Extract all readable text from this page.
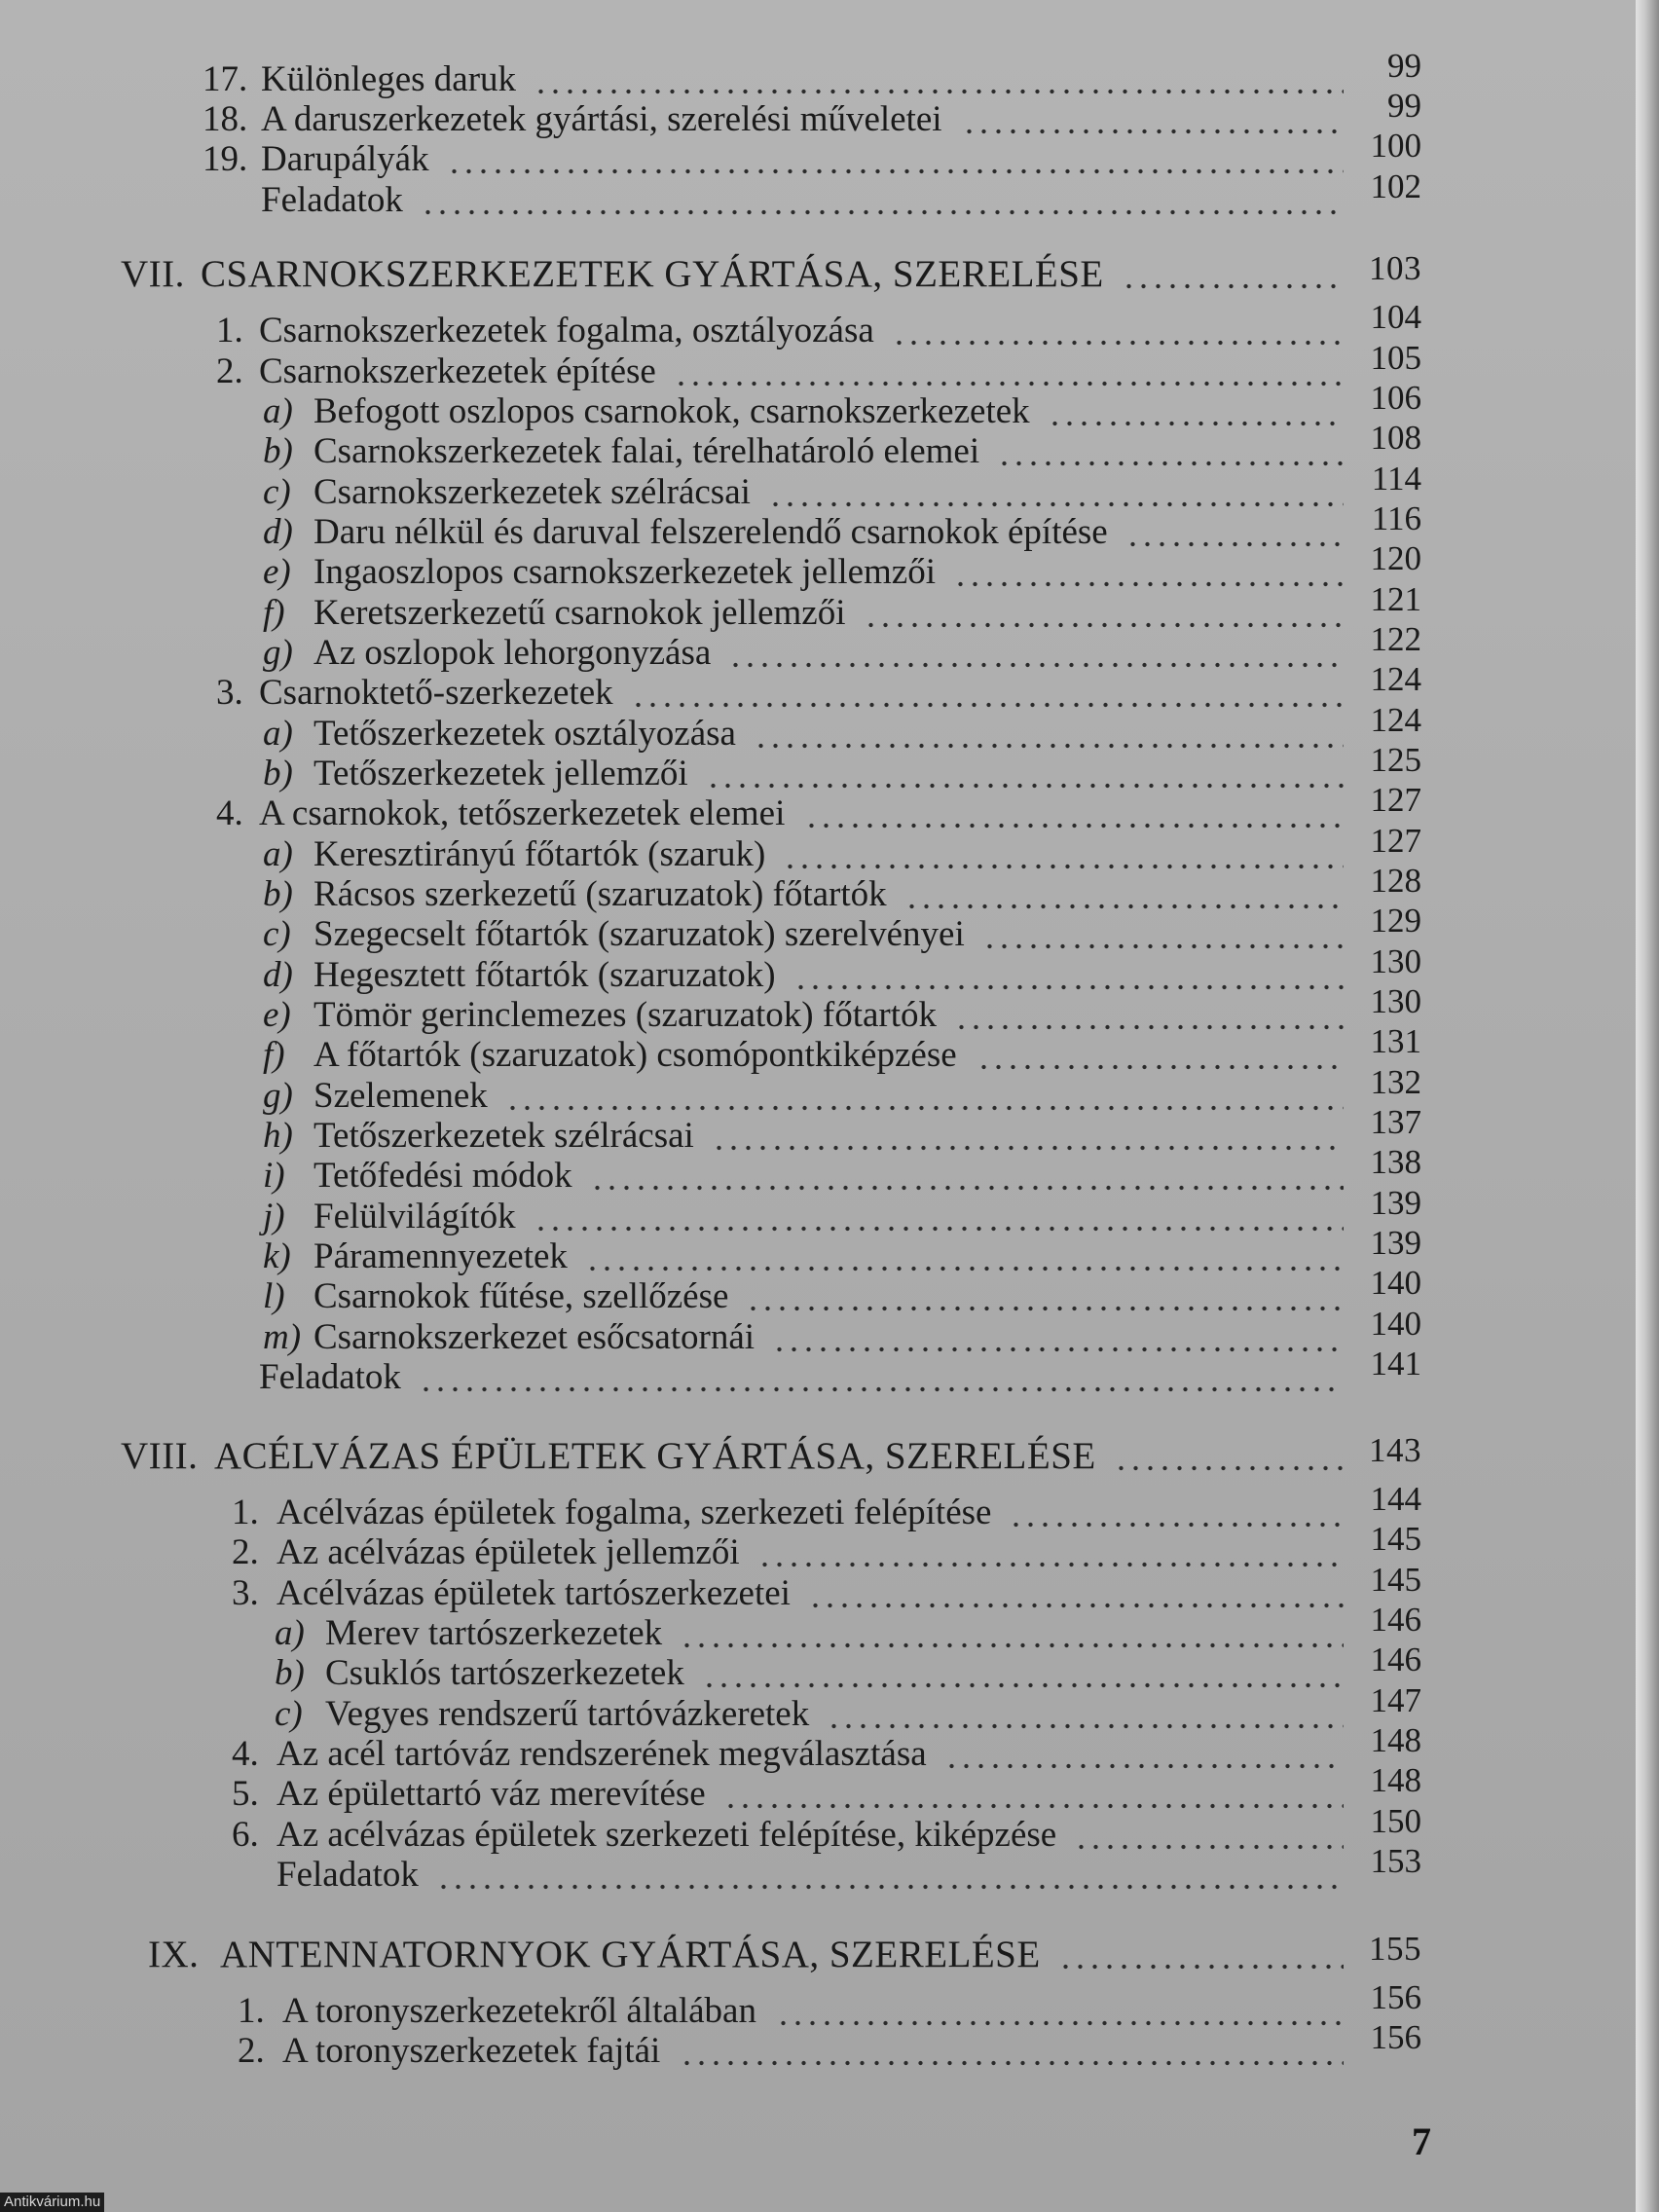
17. Különleges daruk	99
18. A daruszerkezetek gyártási, szerelési műveletei	99
19. Darupályák	100
Feladatok	102
VII. CSARNOKSZERKEZETEK GYÁRTÁSA, SZERELÉSE	103
1. Csarnokszerkezetek fogalma, osztályozása	104
2. Csarnokszerkezetek építése	105
a) Befogott oszlopos csarnokok, csarnokszerkezetek	106
b) Csarnokszerkezetek falai, térelhatároló elemei	108
c) Csarnokszerkezetek szélrácsai	114
d) Daru nélkül és daruval felszerelendő csarnokok építése	116
e) Ingaoszlopos csarnokszerkezetek jellemzői	120
f) Keretszerkezetű csarnokok jellemzői	121
g) Az oszlopok lehorgonyzása	122
3. Csarnoktető-szerkezetek	124
a) Tetőszerkezetek osztályozása	124
b) Tetőszerkezetek jellemzői	125
4. A csarnokok, tetőszerkezetek elemei	127
a) Keresztirányú főtartók (szaruk)	127
b) Rácsos szerkezetű (szaruzatok) főtartók	128
c) Szegecselt főtartók (szaruzatok) szerelvényei	129
d) Hegesztett főtartók (szaruzatok)	130
e) Tömör gerinclemezes (szaruzatok) főtartók	130
f) A főtartók (szaruzatok) csomópontkiképzése	131
g) Szelemenek	132
h) Tetőszerkezetek szélrácsai	137
i) Tetőfedési módok	138
j) Felülvilágítók	139
k) Páramennyezetek	139
l) Csarnokok fűtése, szellőzése	140
m) Csarnokszerkezet esőcsatornái	140
Feladatok	141
VIII. ACÉLVÁZAS ÉPÜLETEK GYÁRTÁSA, SZERELÉSE	143
1. Acélvázas épületek fogalma, szerkezeti felépítése	144
2. Az acélvázas épületek jellemzői	145
3. Acélvázas épületek tartószerkezetei	145
a) Merev tartószerkezetek	146
b) Csuklós tartószerkezetek	146
c) Vegyes rendszerű tartóvázkeretek	147
4. Az acél tartóváz rendszerének megválasztása	148
5. Az épülettartó váz merevítése	148
6. Az acélvázas épületek szerkezeti felépítése, kiképzése	150
Feladatok	153
IX. ANTENNATORNYOK GYÁRTÁSA, SZERELÉSE	155
1. A toronyszerkezetekről általában	156
2. A toronyszerkezetek fajtái	156
7
Antikvárium.hu
